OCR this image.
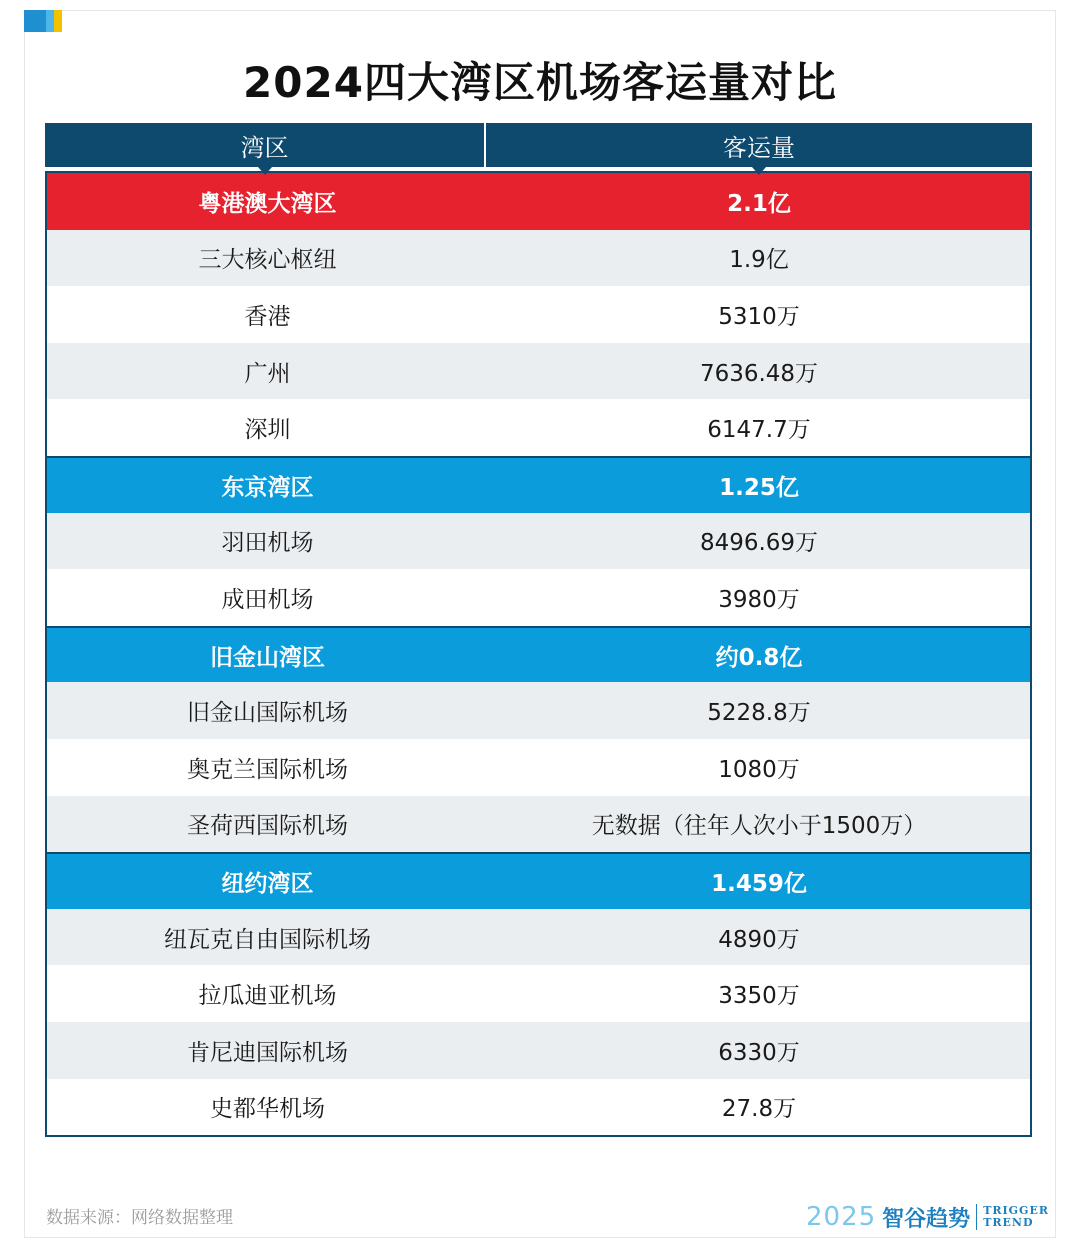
2024四大湾区机场客运量对比
湾区	客运量
粤港澳大湾区	2.1亿
三大核心枢纽	1.9亿
香港	5310万
广州	7636.48万
深圳	6147.7万
东京湾区	1.25亿
羽田机场	8496.69万
成田机场	3980万
旧金山湾区	约0.8亿
旧金山国际机场	5228.8万
奥克兰国际机场	1080万
圣荷西国际机场	无数据（往年人次小于1500万）
纽约湾区	1.459亿
纽瓦克自由国际机场	4890万
拉瓜迪亚机场	3350万
肯尼迪国际机场	6330万
史都华机场	27.8万
数据来源：网络数据整理	2025 智谷趋势 TRIGGER
TREND
